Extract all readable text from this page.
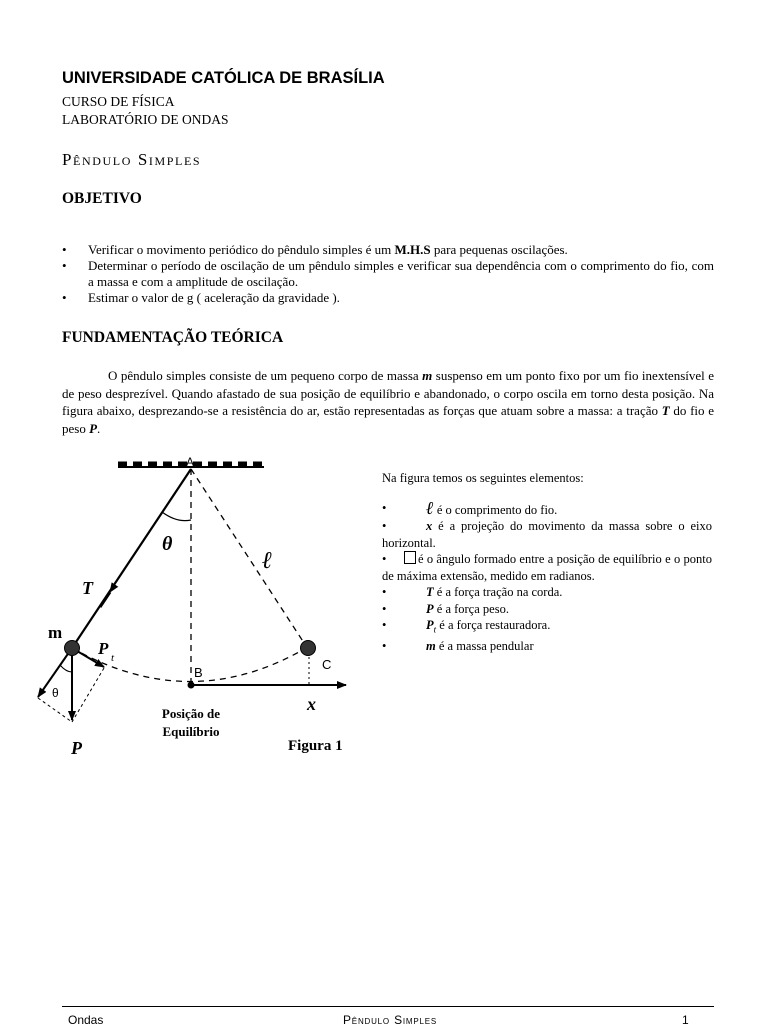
UNIVERSIDADE CATÓLICA DE BRASÍLIA
CURSO DE FÍSICA
LABORATÓRIO DE ONDAS
Pêndulo Simples
OBJETIVO
• Verificar o movimento periódico do pêndulo simples é um M.H.S para pequenas oscilações.
• Determinar o período de oscilação de um pêndulo simples e verificar sua dependência com o comprimento do fio, com a massa e com a amplitude de oscilação.
• Estimar o valor de g ( aceleração da gravidade ).
FUNDAMENTAÇÃO TEÓRICA
O pêndulo simples consiste de um pequeno corpo de massa m suspenso em um ponto fixo por um fio inextensível e de peso desprezível. Quando afastado de sua posição de equilíbrio e abandonado, o corpo oscila em torno desta posição. Na figura abaixo, desprezando-se a resistência do ar, estão representadas as forças que atuam sobre a massa: a tração T do fio e peso P.
A
B
C
θ
θ
ℓ
T
m
P t
P
x
Posição de
Equilíbrio
Figura 1

Na figura temos os seguintes elementos:

• ℓ é o comprimento do fio.
• x é a projeção do movimento da massa sobre o eixo horizontal.
• é o ângulo formado entre a posição de equilíbrio e o ponto de máxima extensão, medido em radianos.
• T é a força tração na corda.
• P é a força peso.
• $P_t$ é a força restauradora.
• m é a massa pendular
Ondas	Pêndulo Simples	1
